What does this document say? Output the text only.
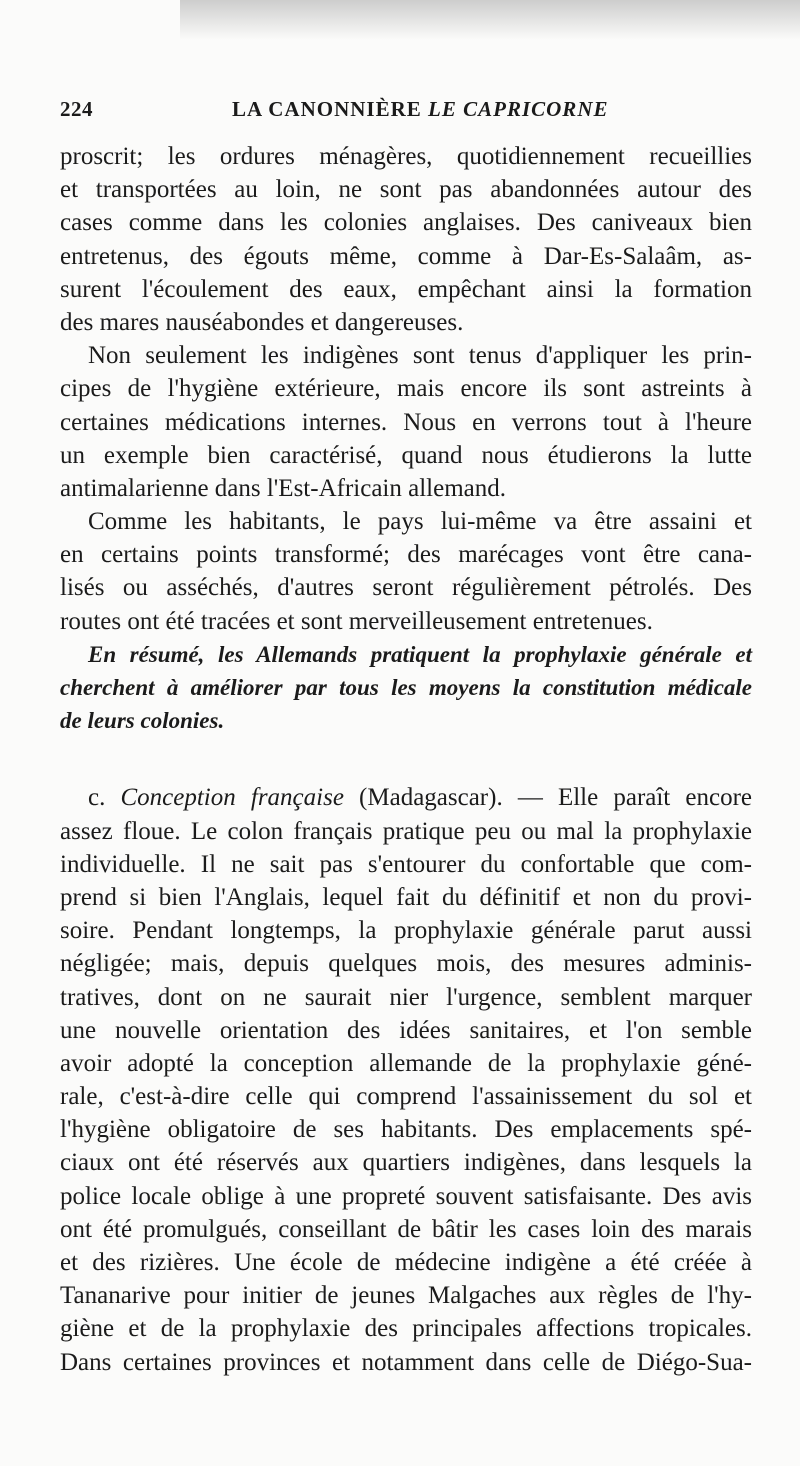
224	LA CANONNIÈRE LE CAPRICORNE
proscrit; les ordures ménagères, quotidiennement recueillies
et transportées au loin, ne sont pas abandonnées autour des
cases comme dans les colonies anglaises. Des caniveaux bien
entretenus, des égouts même, comme à Dar-Es-Salaâm, as-
surent l'écoulement des eaux, empêchant ainsi la formation
des mares nauséabondes et dangereuses.
Non seulement les indigènes sont tenus d'appliquer les prin-
cipes de l'hygiène extérieure, mais encore ils sont astreints à
certaines médications internes. Nous en verrons tout à l'heure
un exemple bien caractérisé, quand nous étudierons la lutte
antimalarienne dans l'Est-Africain allemand.
Comme les habitants, le pays lui-même va être assaini et
en certains points transformé; des marécages vont être cana-
lisés ou asséchés, d'autres seront régulièrement pétrolés. Des
routes ont été tracées et sont merveilleusement entretenues.
En résumé, les Allemands pratiquent la prophylaxie générale et
cherchent à améliorer par tous les moyens la constitution médicale
de leurs colonies.
c. Conception française (Madagascar). — Elle paraît encore
assez floue. Le colon français pratique peu ou mal la prophylaxie
individuelle. Il ne sait pas s'entourer du confortable que com-
prend si bien l'Anglais, lequel fait du définitif et non du provi-
soire. Pendant longtemps, la prophylaxie générale parut aussi
négligée; mais, depuis quelques mois, des mesures adminis-
tratives, dont on ne saurait nier l'urgence, semblent marquer
une nouvelle orientation des idées sanitaires, et l'on semble
avoir adopté la conception allemande de la prophylaxie géné-
rale, c'est-à-dire celle qui comprend l'assainissement du sol et
l'hygiène obligatoire de ses habitants. Des emplacements spé-
ciaux ont été réservés aux quartiers indigènes, dans lesquels la
police locale oblige à une propreté souvent satisfaisante. Des avis
ont été promulgués, conseillant de bâtir les cases loin des marais
et des rizières. Une école de médecine indigène a été créée à
Tananarive pour initier de jeunes Malgaches aux règles de l'hy-
giène et de la prophylaxie des principales affections tropicales.
Dans certaines provinces et notamment dans celle de Diégo-Sua-
